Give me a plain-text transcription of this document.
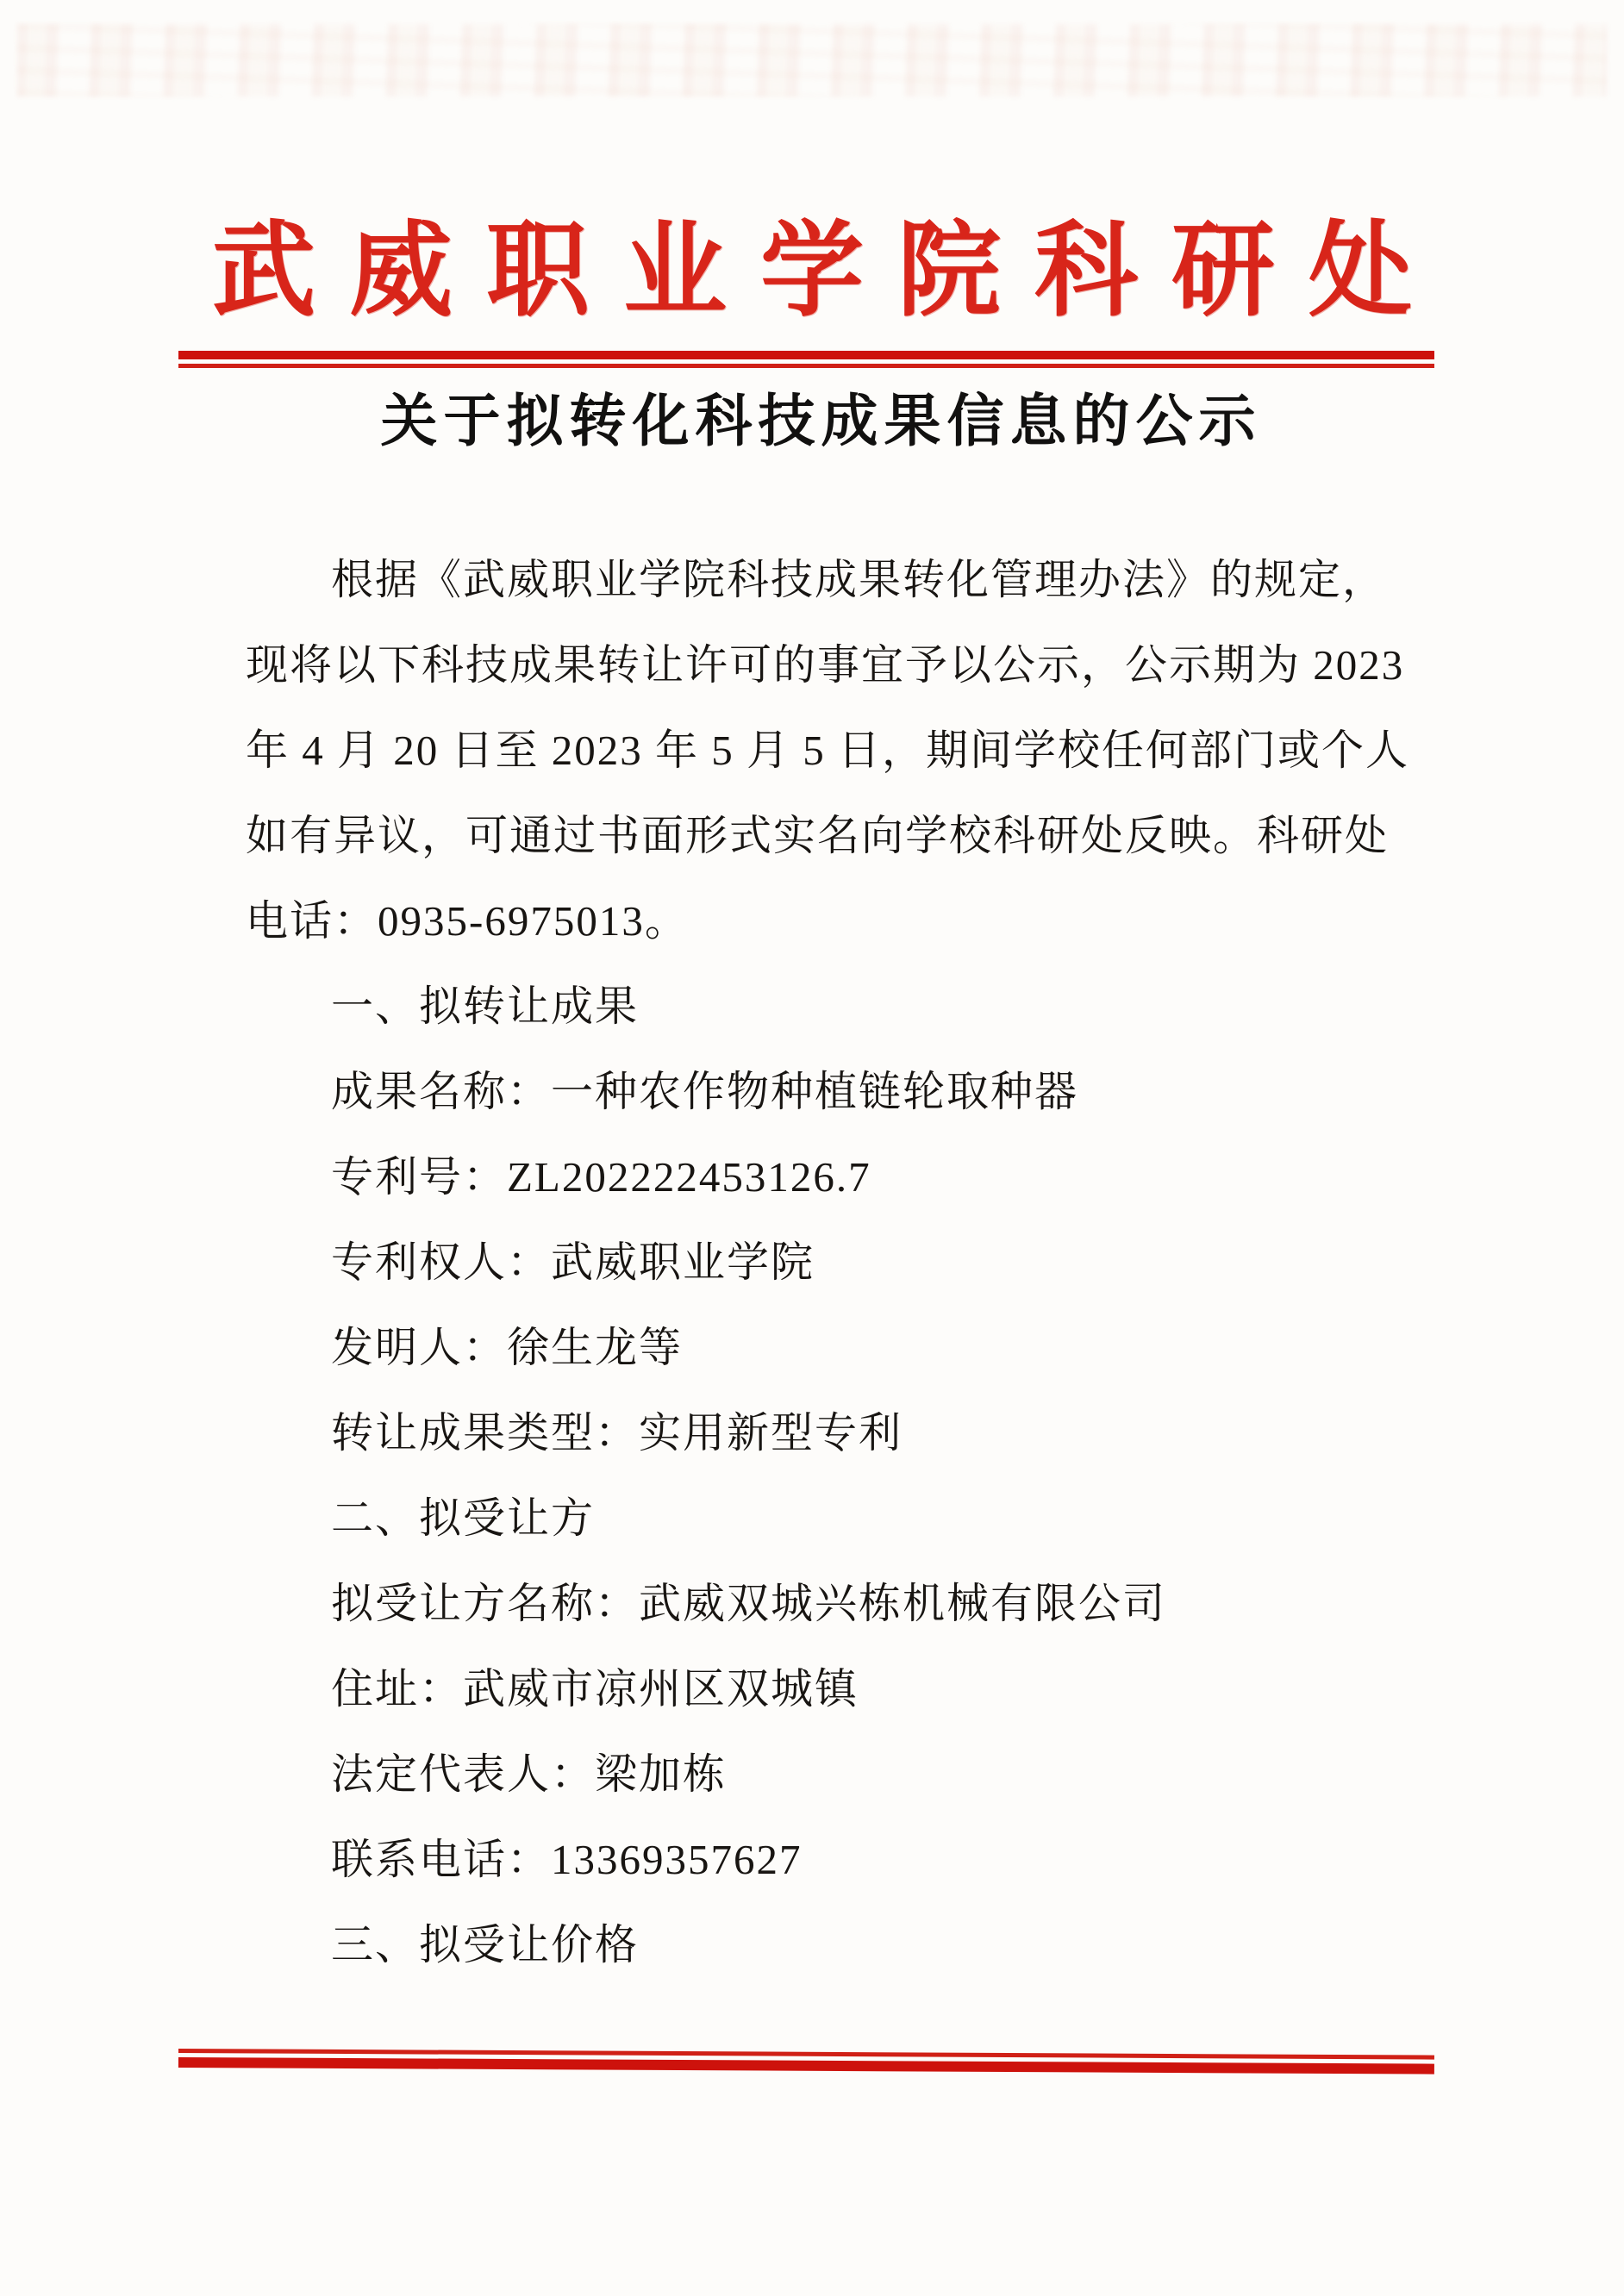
武威职业学院科研处
关于拟转化科技成果信息的公示

根据《武威职业学院科技成果转化管理办法》的规定，

现将以下科技成果转让许可的事宜予以公示，公示期为 2023

年 4 月 20 日至 2023 年 5 月 5 日，期间学校任何部门或个人

如有异议，可通过书面形式实名向学校科研处反映。科研处

电话：0935-6975013。

一、拟转让成果

成果名称：一种农作物种植链轮取种器

专利号：ZL202222453126.7

专利权人：武威职业学院

发明人：徐生龙等

转让成果类型：实用新型专利

二、拟受让方

拟受让方名称：武威双城兴栋机械有限公司

住址：武威市凉州区双城镇

法定代表人：梁加栋

联系电话：13369357627

三、拟受让价格
